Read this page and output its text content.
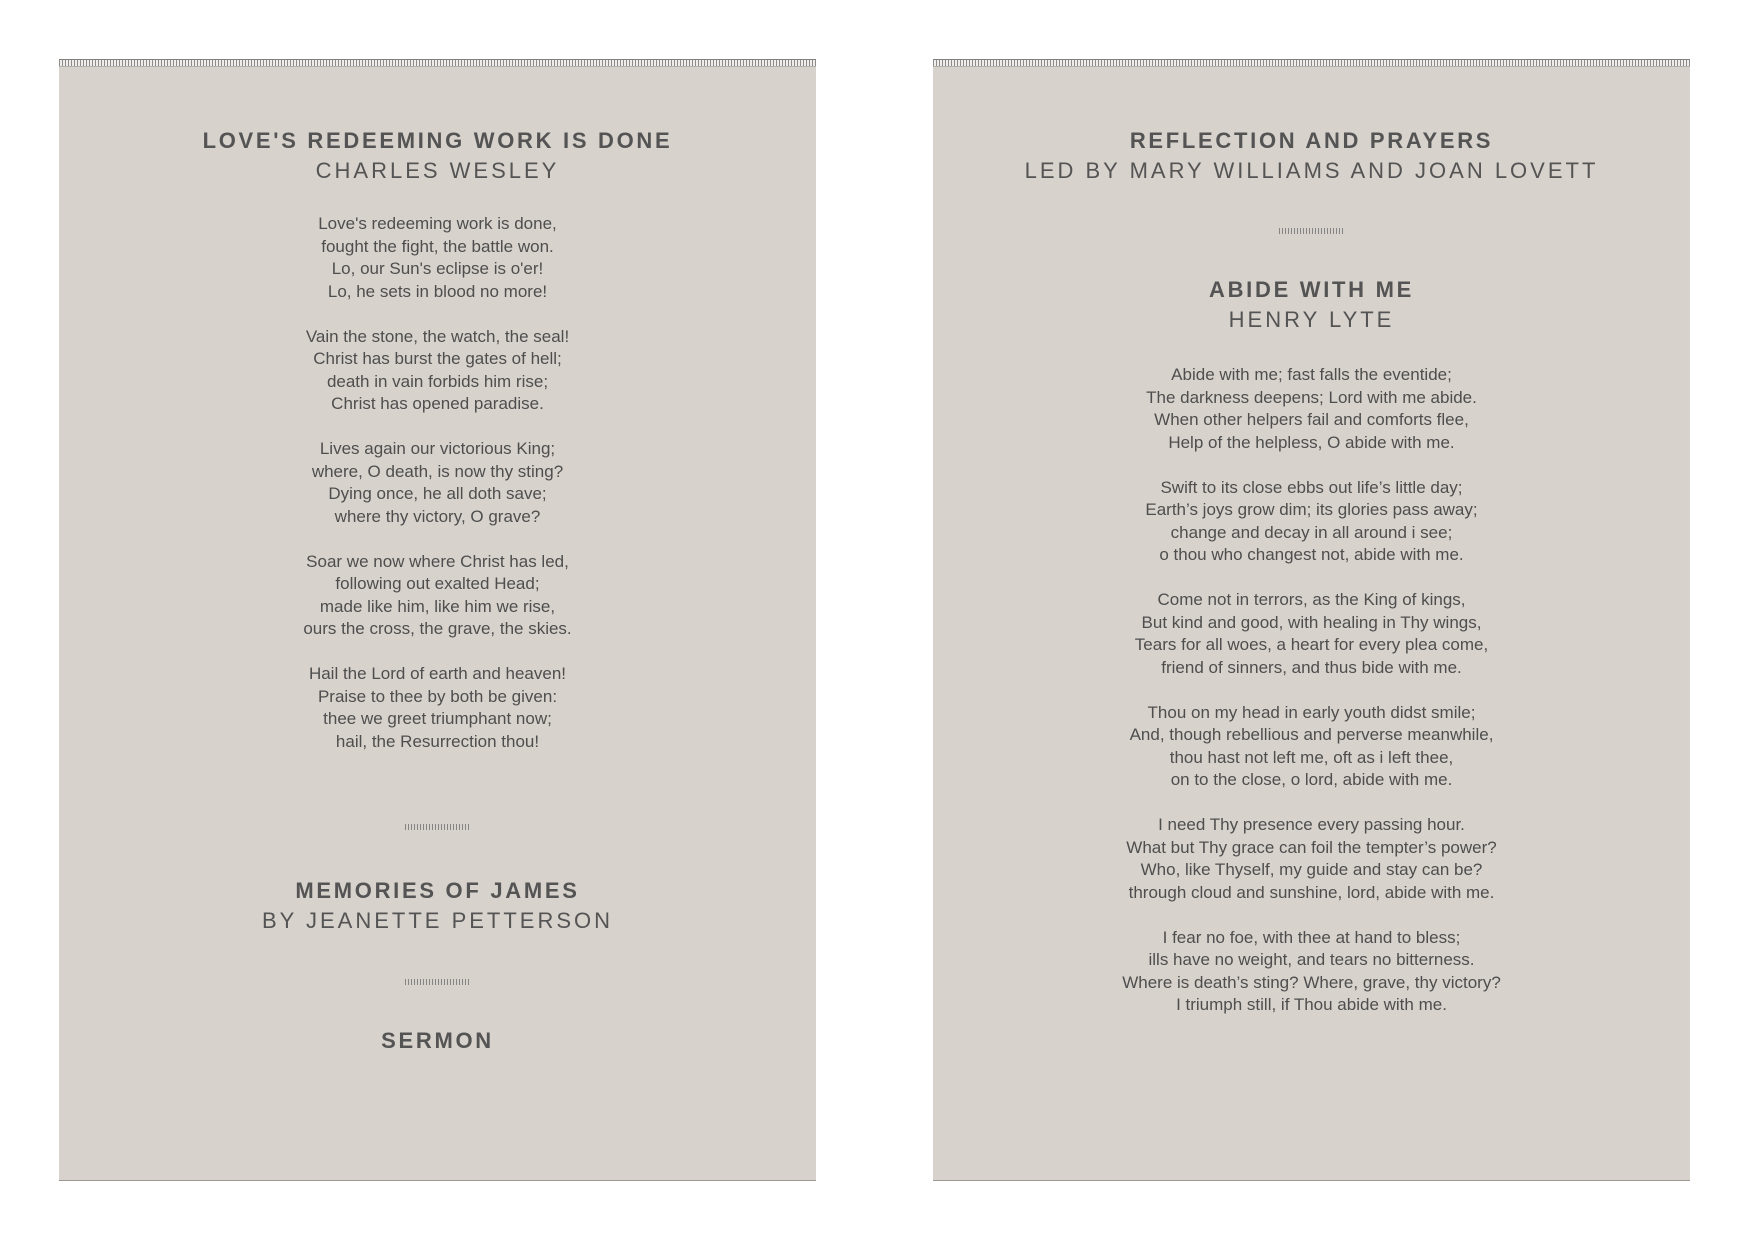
LOVE'S REDEEMING WORK IS DONE
CHARLES WESLEY
Love's redeeming work is done,
fought the fight, the battle won.
Lo, our Sun's eclipse is o'er!
Lo, he sets in blood no more!
Vain the stone, the watch, the seal!
Christ has burst the gates of hell;
death in vain forbids him rise;
Christ has opened paradise.
Lives again our victorious King;
where, O death, is now thy sting?
Dying once, he all doth save;
where thy victory, O grave?
Soar we now where Christ has led,
following out exalted Head;
made like him, like him we rise,
ours the cross, the grave, the skies.
Hail the Lord of earth and heaven!
Praise to thee by both be given:
thee we greet triumphant now;
hail, the Resurrection thou!
MEMORIES OF JAMES
BY JEANETTE PETTERSON
SERMON
REFLECTION AND PRAYERS
LED BY MARY WILLIAMS AND JOAN LOVETT
ABIDE WITH ME
HENRY LYTE
Abide with me; fast falls the eventide;
The darkness deepens; Lord with me abide.
When other helpers fail and comforts flee,
Help of the helpless, O abide with me.
Swift to its close ebbs out life’s little day;
Earth’s joys grow dim; its glories pass away;
change and decay in all around i see;
o thou who changest not, abide with me.
Come not in terrors, as the King of kings,
But kind and good, with healing in Thy wings,
Tears for all woes, a heart for every plea come,
friend of sinners, and thus bide with me.
Thou on my head in early youth didst smile;
And, though rebellious and perverse meanwhile,
thou hast not left me, oft as i left thee,
on to the close, o lord, abide with me.
I need Thy presence every passing hour.
What but Thy grace can foil the tempter’s power?
Who, like Thyself, my guide and stay can be?
through cloud and sunshine, lord, abide with me.
I fear no foe, with thee at hand to bless;
ills have no weight, and tears no bitterness.
Where is death’s sting? Where, grave, thy victory?
I triumph still, if Thou abide with me.
